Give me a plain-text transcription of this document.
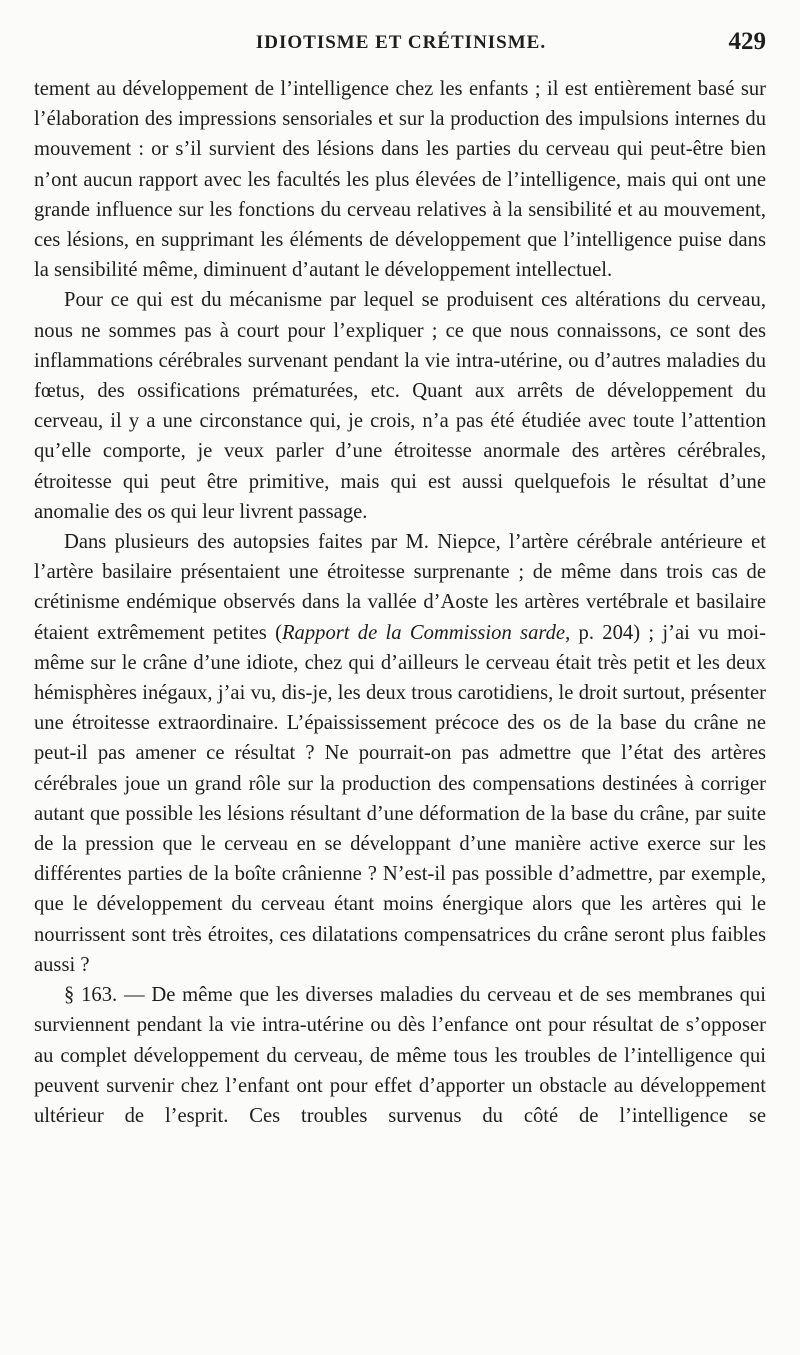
IDIOTISME ET CRÉTINISME.	429

tement au développement de l’intelligence chez les enfants ; il est entièrement basé sur l’élaboration des impressions sensoriales et sur la production des impulsions internes du mouvement : or s’il survient des lésions dans les parties du cerveau qui peut-être bien n’ont aucun rapport avec les facultés les plus élevées de l’intelligence, mais qui ont une grande influence sur les fonctions du cerveau relatives à la sensibilité et au mouvement, ces lésions, en supprimant les éléments de développement que l’intelligence puise dans la sensibilité même, diminuent d’autant le développement intellectuel.

Pour ce qui est du mécanisme par lequel se produisent ces altérations du cerveau, nous ne sommes pas à court pour l’expliquer ; ce que nous connaissons, ce sont des inflammations cérébrales survenant pendant la vie intra-utérine, ou d’autres maladies du fœtus, des ossifications prématurées, etc. Quant aux arrêts de développement du cerveau, il y a une circonstance qui, je crois, n’a pas été étudiée avec toute l’attention qu’elle comporte, je veux parler d’une étroitesse anormale des artères cérébrales, étroitesse qui peut être primitive, mais qui est aussi quelquefois le résultat d’une anomalie des os qui leur livrent passage.

Dans plusieurs des autopsies faites par M. Niepce, l’artère cérébrale antérieure et l’artère basilaire présentaient une étroitesse surprenante ; de même dans trois cas de crétinisme endémique observés dans la vallée d’Aoste les artères vertébrale et basilaire étaient extrêmement petites (Rapport de la Commission sarde, p. 204) ; j’ai vu moi-même sur le crâne d’une idiote, chez qui d’ailleurs le cerveau était très petit et les deux hémisphères inégaux, j’ai vu, dis-je, les deux trous carotidiens, le droit surtout, présenter une étroitesse extraordinaire. L’épaississement précoce des os de la base du crâne ne peut-il pas amener ce résultat ? Ne pourrait-on pas admettre que l’état des artères cérébrales joue un grand rôle sur la production des compensations destinées à corriger autant que possible les lésions résultant d’une déformation de la base du crâne, par suite de la pression que le cerveau en se développant d’une manière active exerce sur les différentes parties de la boîte crânienne ? N’est-il pas possible d’admettre, par exemple, que le développement du cerveau étant moins énergique alors que les artères qui le nourrissent sont très étroites, ces dilatations compensatrices du crâne seront plus faibles aussi ?

§ 163. — De même que les diverses maladies du cerveau et de ses membranes qui surviennent pendant la vie intra-utérine ou dès l’enfance ont pour résultat de s’opposer au complet développement du cerveau, de même tous les troubles de l’intelligence qui peuvent survenir chez l’enfant ont pour effet d’apporter un obstacle au développement ultérieur de l’esprit. Ces troubles survenus du côté de l’intelligence se
